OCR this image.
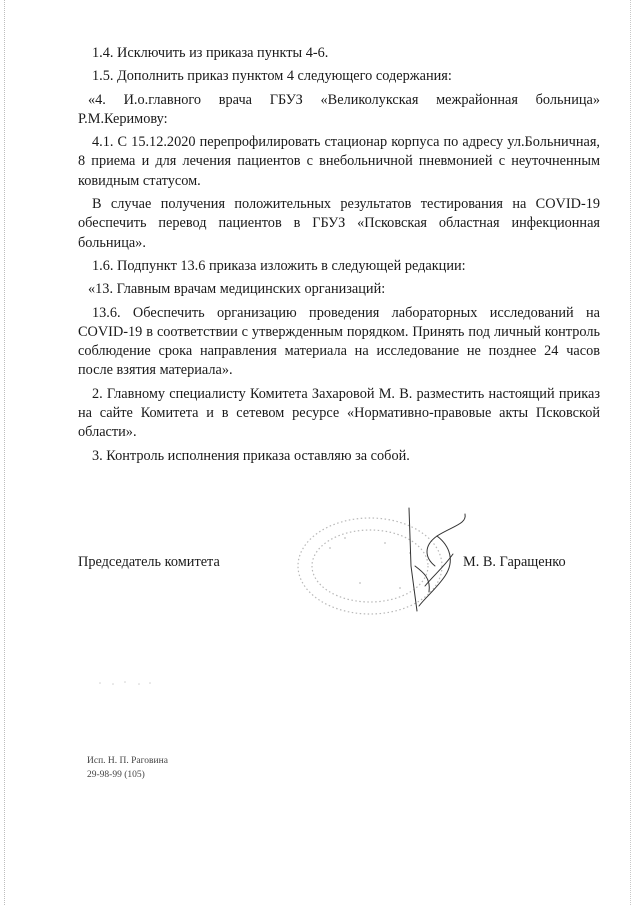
1.4. Исключить из приказа пункты 4-6.

1.5. Дополнить приказ пунктом 4 следующего содержания:

«4. И.о.главного врача ГБУЗ «Великолукская межрайонная больница» Р.М.Керимову:

4.1. С 15.12.2020 перепрофилировать стационар корпуса по адресу ул.Больничная, 8 приема и для лечения пациентов с внебольничной пневмонией с неуточненным ковидным статусом.

В случае получения положительных результатов тестирования на COVID-19 обеспечить перевод пациентов в ГБУЗ «Псковская областная инфекционная больница».

1.6. Подпункт 13.6 приказа изложить в следующей редакции:

«13. Главным врачам медицинских организаций:

13.6. Обеспечить организацию проведения лабораторных исследований на COVID-19 в соответствии с утвержденным порядком. Принять под личный контроль соблюдение срока направления материала на исследование не позднее 24 часов после взятия материала».

2. Главному специалисту Комитета Захаровой М. В. разместить настоящий приказ на сайте Комитета и в сетевом ресурсе «Нормативно-правовые акты Псковской области».

3. Контроль исполнения приказа оставляю за собой.

Председатель комитета	М. В. Гаращенко
Исп. Н. П. Раговина
29-98-99 (105)
